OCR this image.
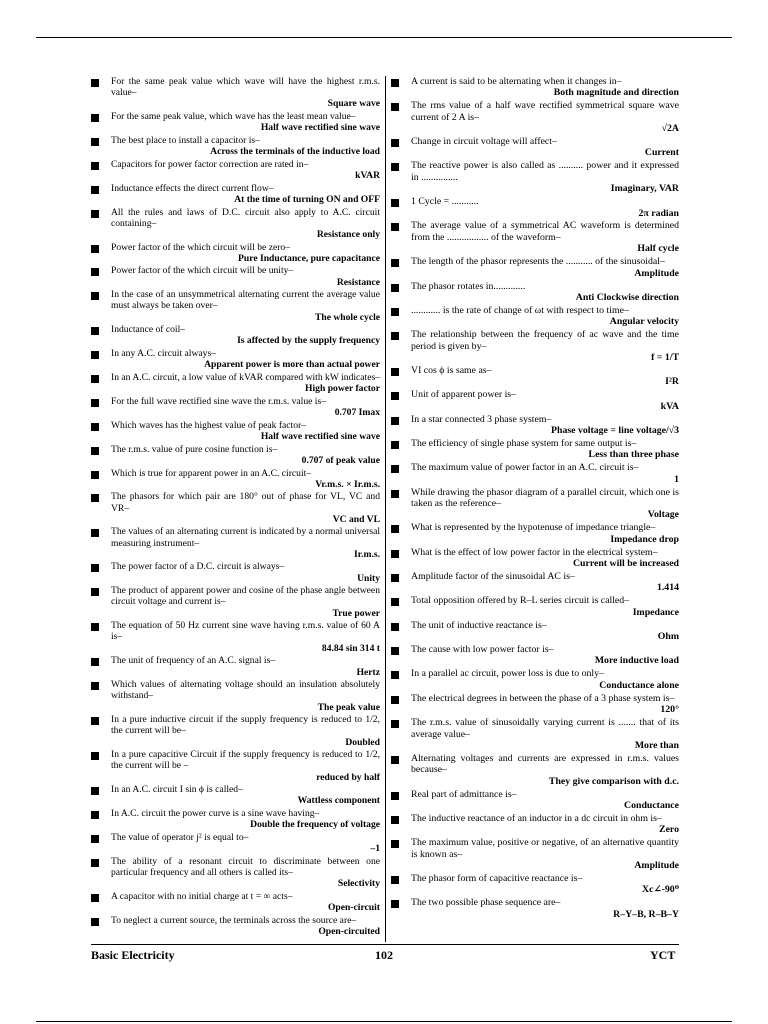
For the same peak value which wave will have the highest r.m.s. value–
Square wave
For the same peak value, which wave has the least mean value–
Half wave rectified sine wave
The best place to install a capacitor is–
Across the terminals of the inductive load
Capacitors for power factor correction are rated in–
kVAR
Inductance effects the direct current flow–
At the time of turning ON and OFF
All the rules and laws of D.C. circuit also apply to A.C. circuit containing–
Resistance only
Power factor of the which circuit will be zero–
Pure Inductance, pure capacitance
Power factor of the which circuit will be unity–
Resistance
In the case of an unsymmetrical alternating current the average value must always be taken over–
The whole cycle
Inductance of coil–
Is affected by the supply frequency
In any A.C. circuit always–
Apparent power is more than actual power
In an A.C. circuit, a low value of kVAR compared with kW indicates–
High power factor
For the full wave rectified sine wave the r.m.s. value is–
0.707 Imax
Which waves has the highest value of peak factor–
Half wave rectified sine wave
The r.m.s. value of pure cosine function is–
0.707 of peak value
Which is true for apparent power in an A.C. circuit–
Vr.m.s. × Ir.m.s.
The phasors for which pair are 180° out of phase for VL, VC and VR–
VC and VL
The values of an alternating current is indicated by a normal universal measuring instrument–
Ir.m.s.
The power factor of a D.C. circuit is always–
Unity
The product of apparent power and cosine of the phase angle between circuit voltage and current is–
True power
The equation of 50 Hz current sine wave having r.m.s. value of 60 A is–
84.84 sin 314 t
The unit of frequency of an A.C. signal is–
Hertz
Which values of alternating voltage should an insulation absolutely withstand–
The peak value
In a pure inductive circuit if the supply frequency is reduced to 1/2, the current will be–
Doubled
In a pure capacitive Circuit if the supply frequency is reduced to 1/2, the current will be –
reduced by half
In an A.C. circuit I sin ϕ is called–
Wattless component
In A.C. circuit the power curve is a sine wave having–
Double the frequency of voltage
The value of operator j² is equal to–
–1
The ability of a resonant circuit to discriminate between one particular frequency and all others is called its–
Selectivity
A capacitor with no initial charge at t = ∞ acts–
Open-circuit
To neglect a current source, the terminals across the source are–
Open-circuited
A current is said to be alternating when it changes in–
Both magnitude and direction
The rms value of a half wave rectified symmetrical square wave current of 2 A is–
√2A
Change in circuit voltage will affect–
Current
The reactive power is also called as .......... power and it expressed in ...............
Imaginary, VAR
1 Cycle = ...........
2π radian
The average value of a symmetrical AC waveform is determined from the ................. of the waveform–
Half cycle
The length of the phasor represents the ........... of the sinusoidal–
Amplitude
The phasor rotates in.............
Anti Clockwise direction
............ is the rate of change of ωt with respect to time–
Angular velocity
The relationship between the frequency of ac wave and the time period is given by–
f = 1/T
VI cos ϕ is same as–
I²R
Unit of apparent power is–
kVA
In a star connected 3 phase system–
Phase voltage = line voltage/√3
The efficiency of single phase system for same output is–
Less than three phase
The maximum value of power factor in an A.C. circuit is–
1
While drawing the phasor diagram of a parallel circuit, which one is taken as the reference–
Voltage
What is represented by the hypotenuse of impedance triangle–
Impedance drop
What is the effect of low power factor in the electrical system–
Current will be increased
Amplitude factor of the sinusoidal AC is–
1.414
Total opposition offered by R–L series circuit is called–
Impedance
The unit of inductive reactance is–
Ohm
The cause with low power factor is–
More inductive load
In a parallel ac circuit, power loss is due to only–
Conductance alone
The electrical degrees in between the phase of a 3 phase system is–
120°
The r.m.s. value of sinusoidally varying current is ....... that of its average value–
More than
Alternating voltages and currents are expressed in r.m.s. values because–
They give comparison with d.c.
Real part of admittance is–
Conductance
The inductive reactance of an inductor in a dc circuit in ohm is–
Zero
The maximum value, positive or negative, of an alternative quantity is known as–
Amplitude
The phasor form of capacitive reactance is–
Xc∠-90⁰
The two possible phase sequence are–
R–Y–B, R–B–Y
Basic Electricity	102	YCT
